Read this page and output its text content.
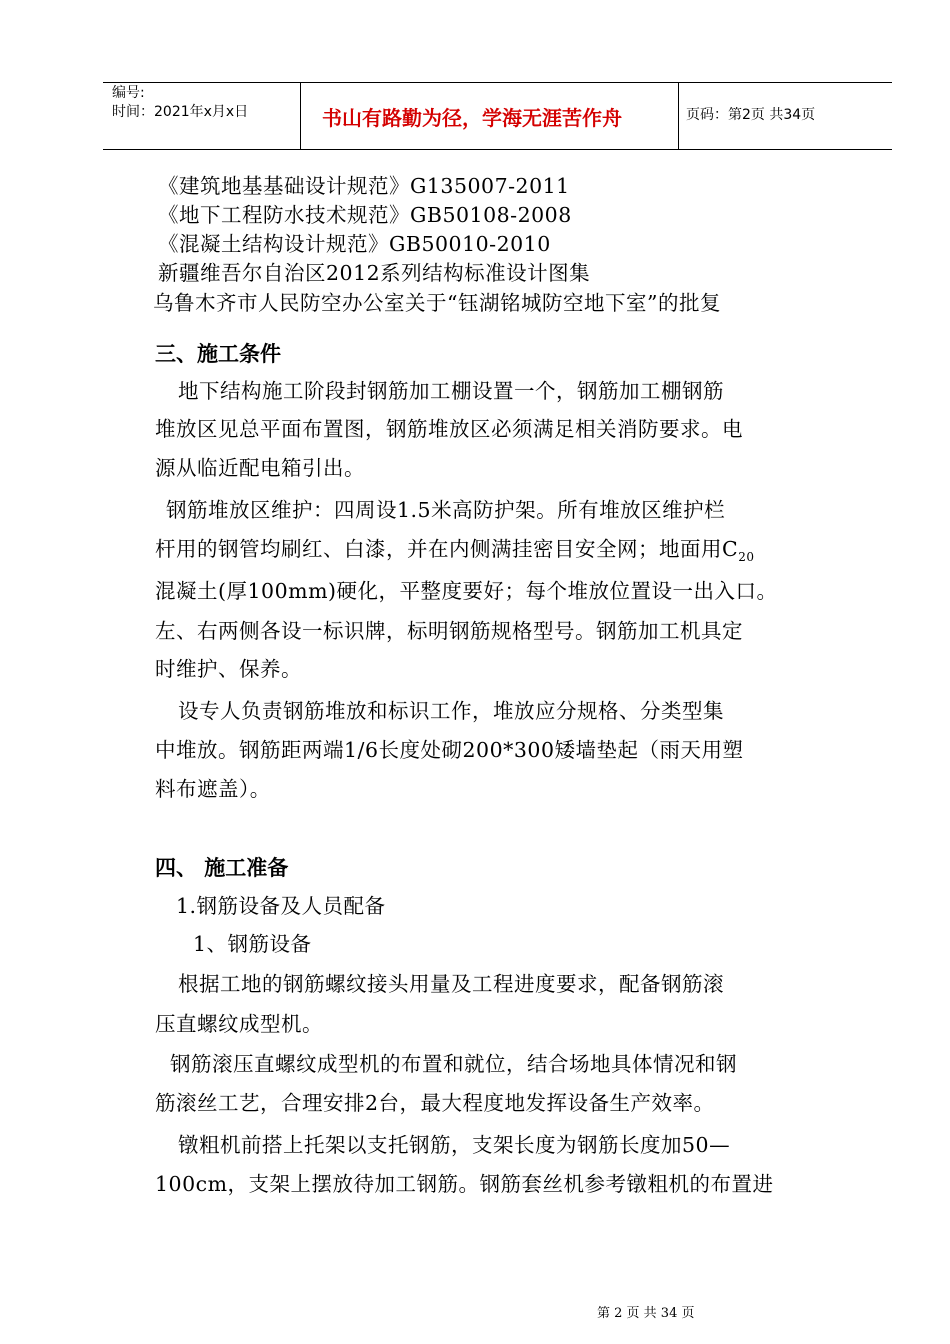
编号:
时间：2021年x月x日	书山有路勤为径，学海无涯苦作舟	页码：第2页 共34页
《建筑地基基础设计规范》G135007-2011
《地下工程防水技术规范》GB50108-2008
《混凝土结构设计规范》GB50010-2010
新疆维吾尔自治区2012系列结构标准设计图集
乌鲁木齐市人民防空办公室关于“钰湖铭城防空地下室”的批复
三、施工条件
地下结构施工阶段封钢筋加工棚设置一个，钢筋加工棚钢筋
堆放区见总平面布置图，钢筋堆放区必须满足相关消防要求。电
源从临近配电箱引出。
钢筋堆放区维护：四周设1.5米高防护架。所有堆放区维护栏
杆用的钢管均刷红、白漆，并在内侧满挂密目安全网；地面用$C_{20}$
混凝土(厚100mm)硬化，平整度要好；每个堆放位置设一出入口。
左、右两侧各设一标识牌，标明钢筋规格型号。钢筋加工机具定
时维护、保养。
设专人负责钢筋堆放和标识工作，堆放应分规格、分类型集
中堆放。钢筋距两端1/6长度处砌200*300矮墙垫起（雨天用塑
料布遮盖）。
四、 施工准备
1.钢筋设备及人员配备
1、钢筋设备
根据工地的钢筋螺纹接头用量及工程进度要求，配备钢筋滚
压直螺纹成型机。
钢筋滚压直螺纹成型机的布置和就位，结合场地具体情况和钢
筋滚丝工艺，合理安排2台，最大程度地发挥设备生产效率。
镦粗机前搭上托架以支托钢筋，支架长度为钢筋长度加50—
100cm，支架上摆放待加工钢筋。钢筋套丝机参考镦粗机的布置进
第 2 页 共 34 页
